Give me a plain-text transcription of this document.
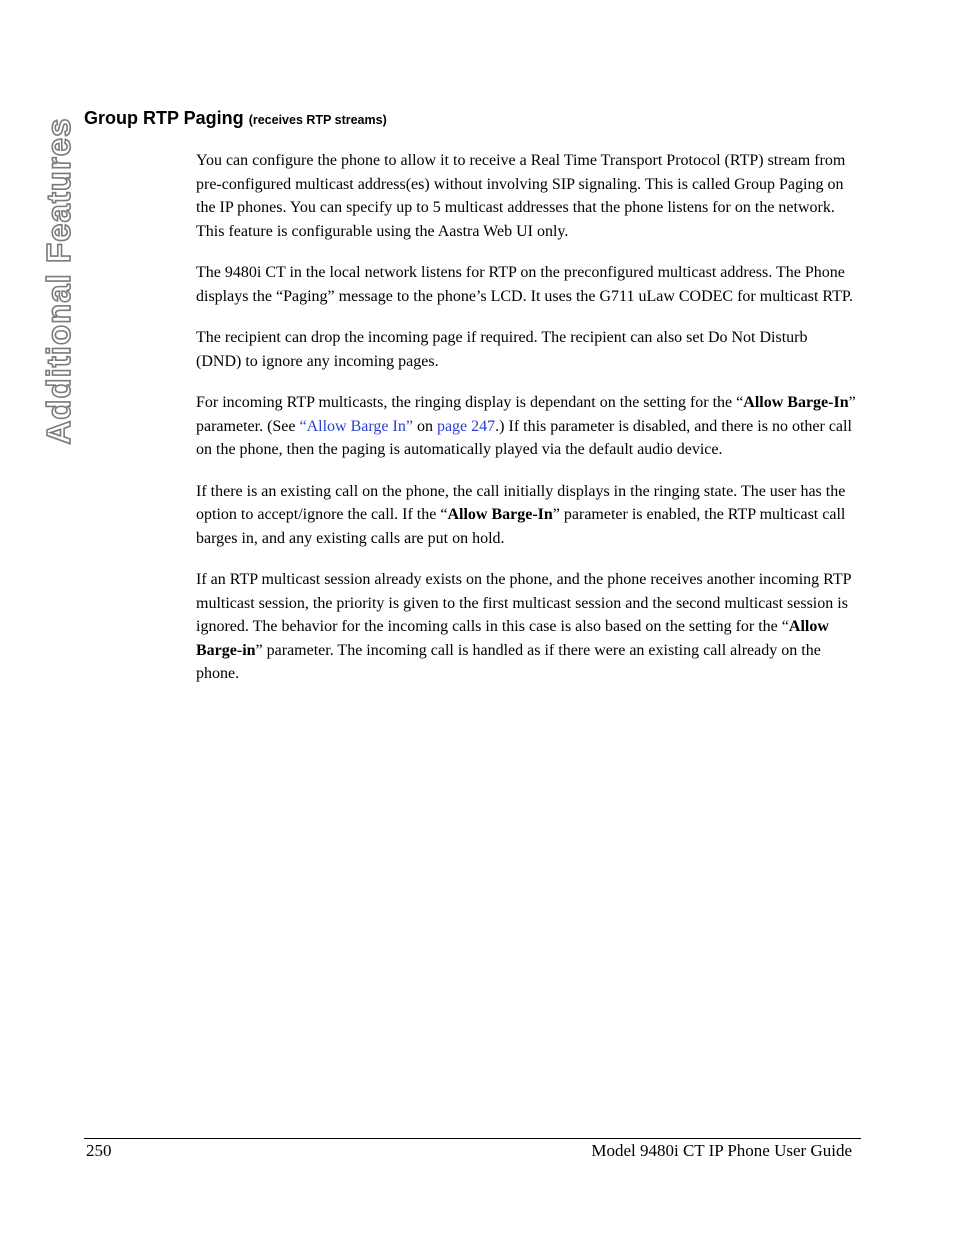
Additional Features Group RTP Paging (receives RTP streams)

You can configure the phone to allow it to receive a Real Time Transport Protocol (RTP) stream from pre-configured multicast address(es) without involving SIP signaling. This is called Group Paging on the IP phones. You can specify up to 5 multicast addresses that the phone listens for on the network. This feature is configurable using the Aastra Web UI only.

The 9480i CT in the local network listens for RTP on the preconfigured multicast address. The Phone displays the “Paging” message to the phone’s LCD. It uses the G711 uLaw CODEC for multicast RTP.

The recipient can drop the incoming page if required. The recipient can also set Do Not Disturb (DND) to ignore any incoming pages.

For incoming RTP multicasts, the ringing display is dependant on the setting for the “Allow Barge-In” parameter. (See “Allow Barge In” on page 247.) If this parameter is disabled, and there is no other call on the phone, then the paging is automatically played via the default audio device.

If there is an existing call on the phone, the call initially displays in the ringing state. The user has the option to accept/ignore the call. If the “Allow Barge-In” parameter is enabled, the RTP multicast call barges in, and any existing calls are put on hold.

If an RTP multicast session already exists on the phone, and the phone receives another incoming RTP multicast session, the priority is given to the first multicast session and the second multicast session is ignored. The behavior for the incoming calls in this case is also based on the setting for the “Allow Barge-in” parameter. The incoming call is handled as if there were an existing call already on the phone.

250	Model 9480i CT IP Phone User Guide
